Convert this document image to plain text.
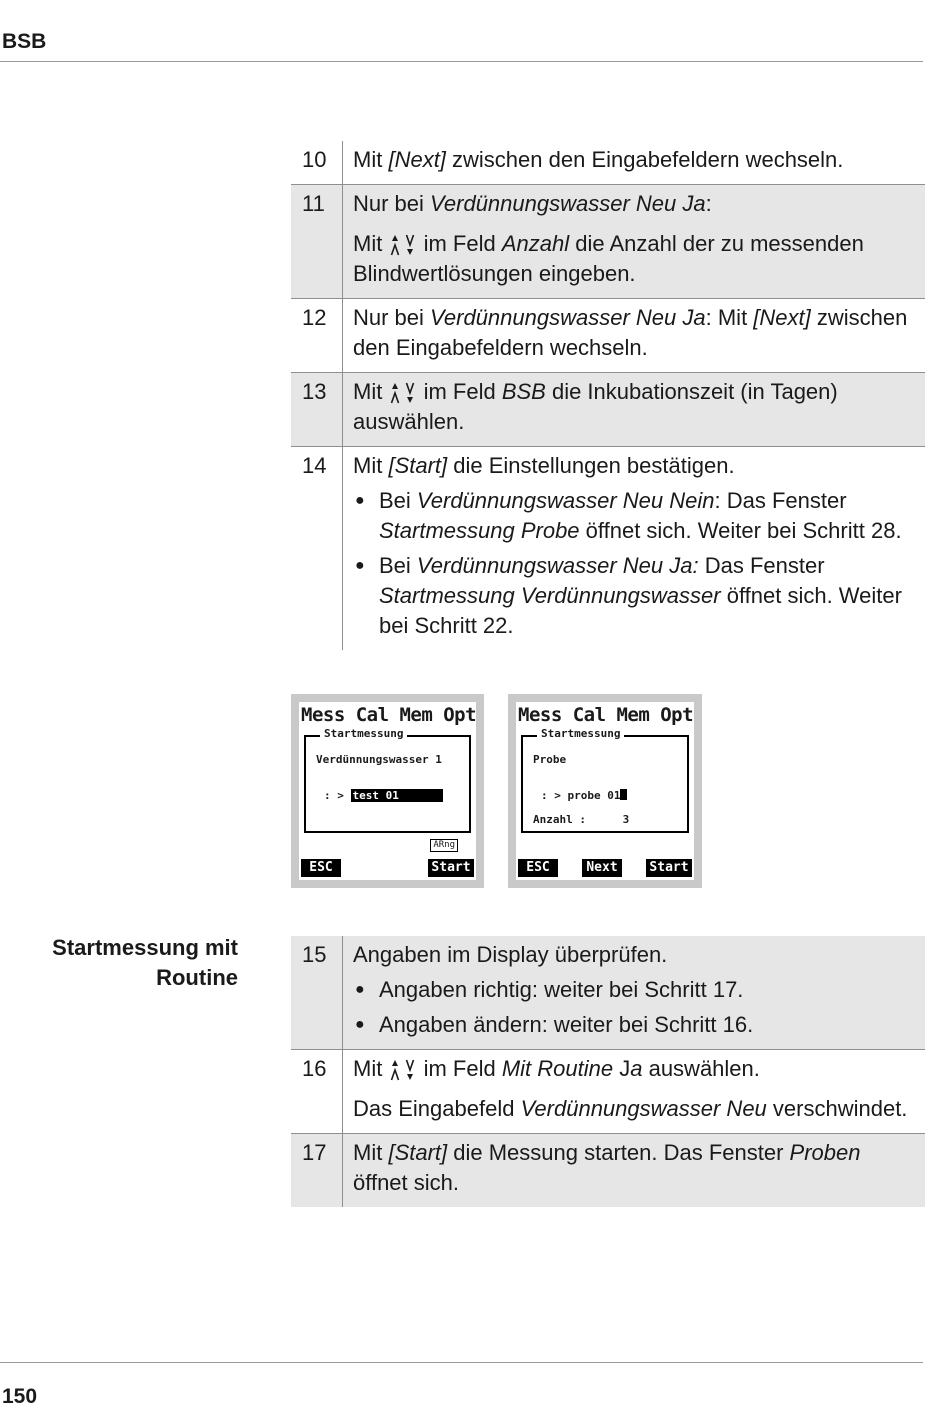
BSB
10	Mit [Next] zwischen den Eingabefeldern wechseln.

11	Nur bei Verdünnungswasser Neu Ja:

Mit
im Feld Anzahl die Anzahl der zu messenden Blindwertlösungen eingeben.

12	Nur bei Verdünnungswasser Neu Ja: Mit [Next] zwischen den Eingabefeldern wechseln.

13	Mit
im Feld BSB die Inkubationszeit (in Tagen) auswählen.

14	Mit [Start] die Einstellungen bestätigen.

● Bei Verdünnungswasser Neu Nein: Das Fenster Startmessung Probe öffnet sich. Weiter bei Schritt 28.
● Bei Verdünnungswasser Neu Ja: Das Fenster Startmessung Verdünnungswasser öffnet sich. Weiter bei Schritt 22.
Mess Cal Mem Opt
Startmessung
Verdünnungswasser 1
: > test 01
ARng
ESC	Start
Mess Cal Mem Opt
Startmessung
Probe
: > probe 01
Anzahl :	3
ESC	Next	Start
Startmessung mit Routine
15	Angaben im Display überprüfen.

● Angaben richtig: weiter bei Schritt 17.
● Angaben ändern: weiter bei Schritt 16.
16	Mit
im Feld Mit Routine Ja auswählen.

Das Eingabefeld Verdünnungswasser Neu verschwindet.

17	Mit [Start] die Messung starten. Das Fenster Proben öffnet sich.

150
